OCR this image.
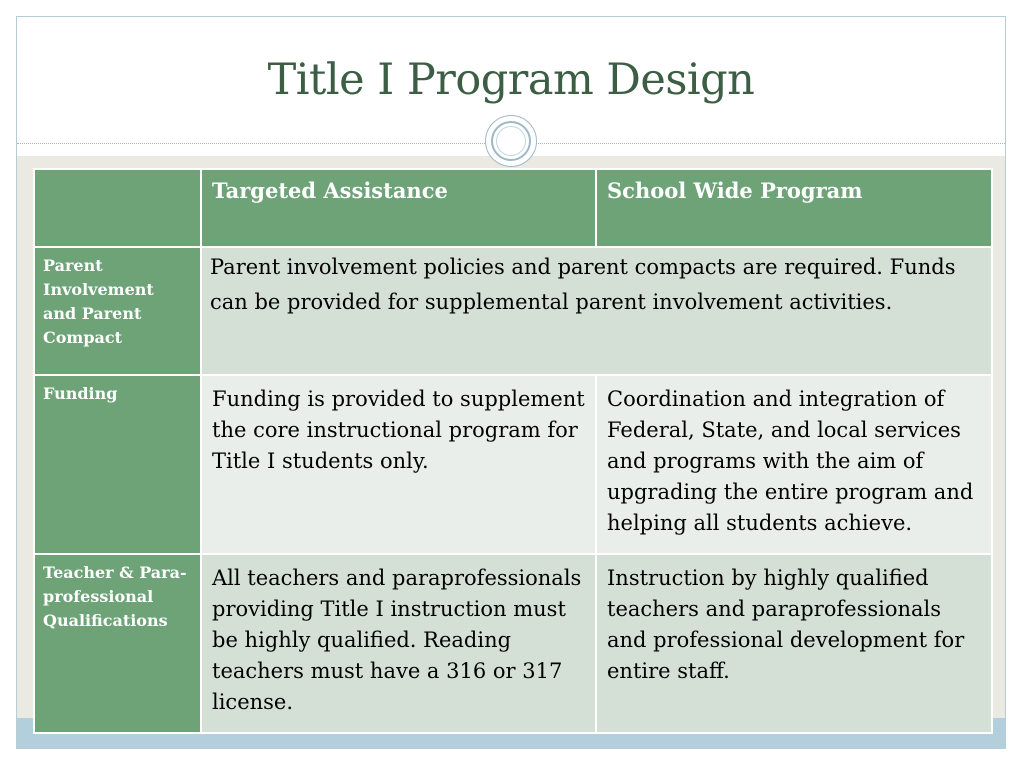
Title I Program Design
	Targeted Assistance	School Wide Program
Parent Involvement and Parent Compact	Parent involvement policies and parent compacts are required. Funds can be provided for supplemental parent involvement activities.	
Funding	Funding is provided to supplement the core instructional program for Title I students only.	Coordination and integration of Federal, State, and local services and programs with the aim of upgrading the entire program and helping all students achieve.
Teacher & Para-professional Qualifications	All teachers and paraprofessionals providing Title I instruction must be highly qualified. Reading teachers must have a 316 or 317 license.	Instruction by highly qualified teachers and paraprofessionals and professional development for entire staff.
